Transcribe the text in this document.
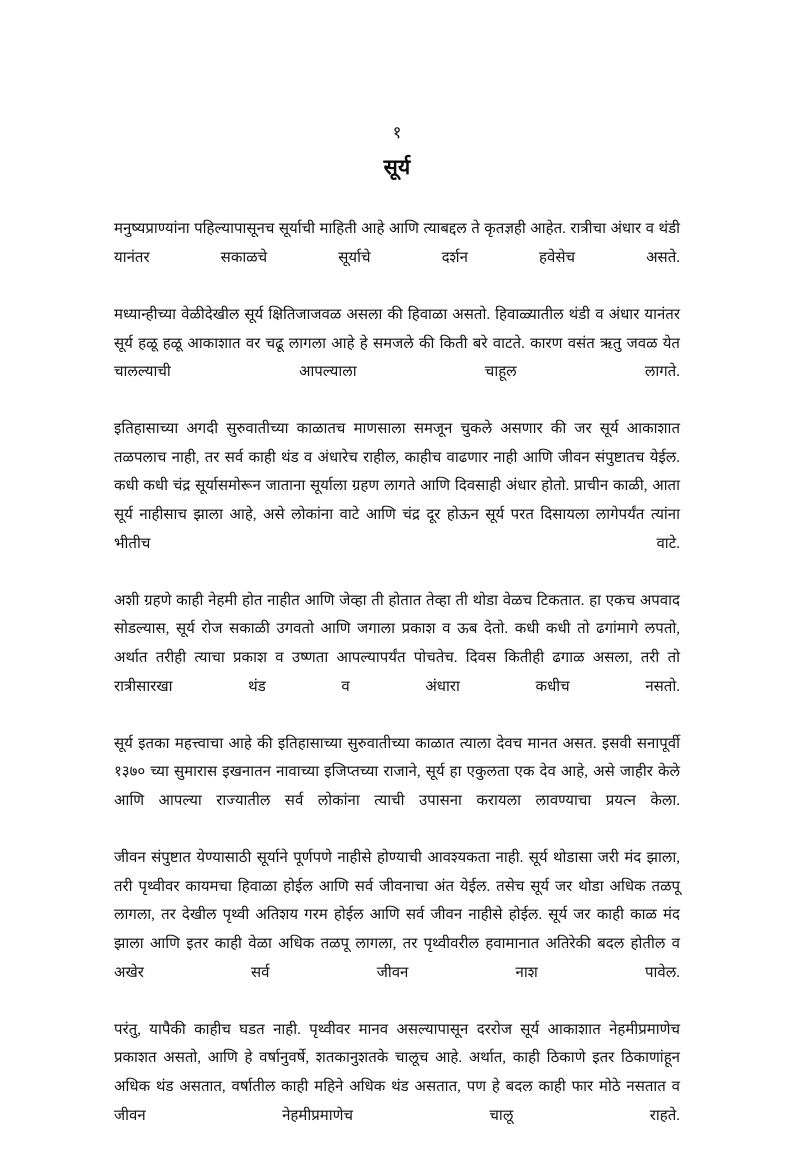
१
सूर्य

मनुष्यप्राण्यांना पहिल्यापासूनच सूर्याची माहिती आहे आणि त्याबद्दल ते कृतज्ञही आहेत. रात्रीचा अंधार व थंडी यानंतर सकाळचे सूर्याचे दर्शन हवेसेच असते.

मध्यान्हीच्या वेळीदेखील सूर्य क्षितिजाजवळ असला की हिवाळा असतो. हिवाळ्यातील थंडी व अंधार यानंतर सूर्य हळू हळू आकाशात वर चढू लागला आहे हे समजले की किती बरे वाटते. कारण वसंत ऋतु जवळ येत चालल्याची आपल्याला चाहूल लागते.

इतिहासाच्या अगदी सुरुवातीच्या काळातच माणसाला समजून चुकले असणार की जर सूर्य आकाशात तळपलाच नाही, तर सर्व काही थंड व अंधारेच राहील, काहीच वाढणार नाही आणि जीवन संपुष्टातच येईल. कधी कधी चंद्र सूर्यासमोरून जाताना सूर्याला ग्रहण लागते आणि दिवसाही अंधार होतो. प्राचीन काळी, आता सूर्य नाहीसाच झाला आहे, असे लोकांना वाटे आणि चंद्र दूर होऊन सूर्य परत दिसायला लागेपर्यंत त्यांना भीतीच वाटे.

अशी ग्रहणे काही नेहमी होत नाहीत आणि जेव्हा ती होतात तेव्हा ती थोडा वेळच टिकतात. हा एकच अपवाद सोडल्यास, सूर्य रोज सकाळी उगवतो आणि जगाला प्रकाश व ऊब देतो. कधी कधी तो ढगांमागे लपतो, अर्थात तरीही त्याचा प्रकाश व उष्णता आपल्यापर्यंत पोचतेच. दिवस कितीही ढगाळ असला, तरी तो रात्रीसारखा थंड व अंधारा कधीच नसतो.

सूर्य इतका महत्त्वाचा आहे की इतिहासाच्या सुरुवातीच्या काळात त्याला देवच मानत असत. इसवी सनापूर्वी १३७० च्या सुमारास इखनातन नावाच्या इजिप्तच्या राजाने, सूर्य हा एकुलता एक देव आहे, असे जाहीर केले आणि आपल्या राज्यातील सर्व लोकांना त्याची उपासना करायला लावण्याचा प्रयत्न केला.

जीवन संपुष्टात येण्यासाठी सूर्याने पूर्णपणे नाहीसे होण्याची आवश्यकता नाही. सूर्य थोडासा जरी मंद झाला, तरी पृथ्वीवर कायमचा हिवाळा होईल आणि सर्व जीवनाचा अंत येईल. तसेच सूर्य जर थोडा अधिक तळपू लागला, तर देखील पृथ्वी अतिशय गरम होईल आणि सर्व जीवन नाहीसे होईल. सूर्य जर काही काळ मंद झाला आणि इतर काही वेळा अधिक तळपू लागला, तर पृथ्वीवरील हवामानात अतिरेकी बदल होतील व अखेर सर्व जीवन नाश पावेल.

परंतु, यापैकी काहीच घडत नाही. पृथ्वीवर मानव असल्यापासून दररोज सूर्य आकाशात नेहमीप्रमाणेच प्रकाशत असतो, आणि हे वर्षानुवर्षे, शतकानुशतके चालूच आहे. अर्थात, काही ठिकाणे इतर ठिकाणांहून अधिक थंड असतात, वर्षातील काही महिने अधिक थंड असतात, पण हे बदल काही फार मोठे नसतात व जीवन नेहमीप्रमाणेच चालू राहते.
